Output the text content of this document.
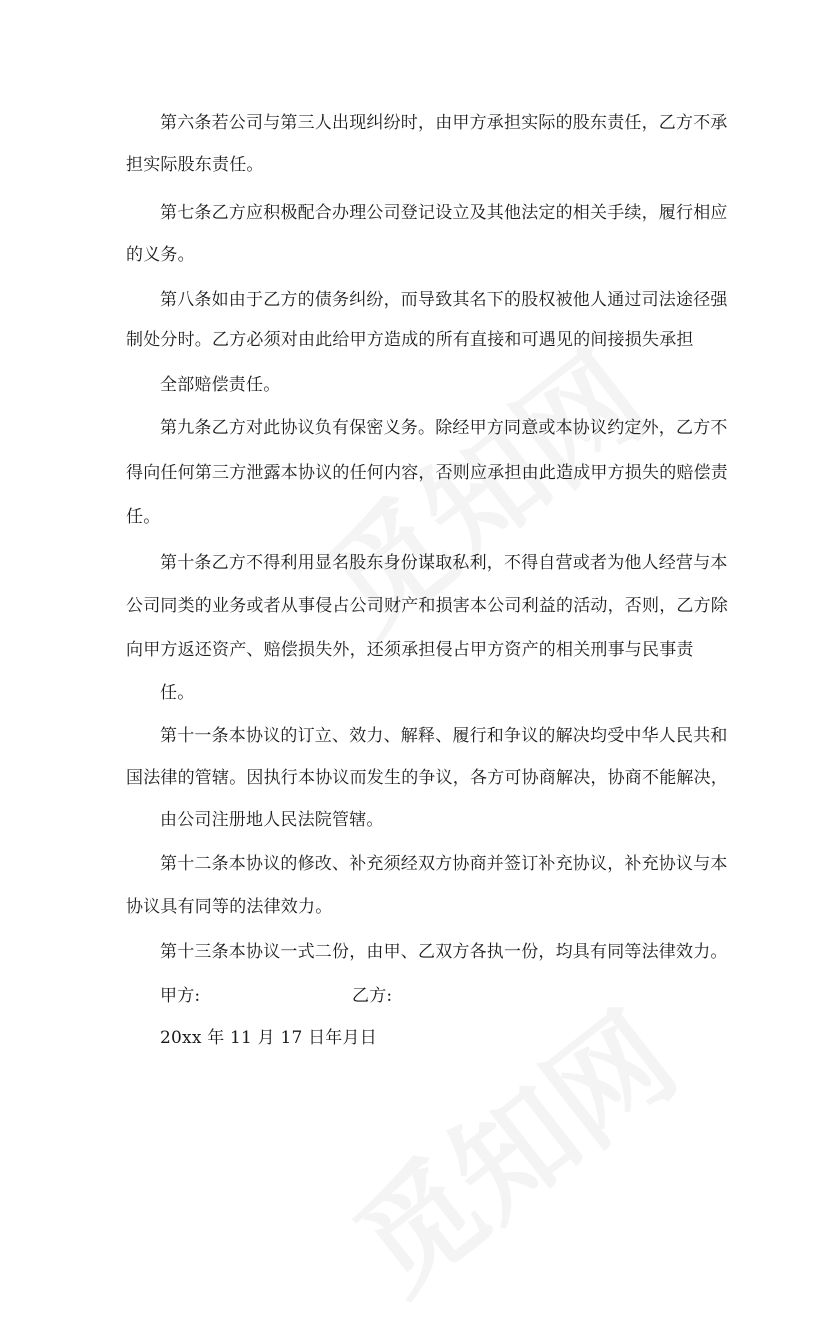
第六条若公司与第三人出现纠纷时，由甲方承担实际的股东责任，乙方不承
担实际股东责任。
第七条乙方应积极配合办理公司登记设立及其他法定的相关手续，履行相应
的义务。
第八条如由于乙方的债务纠纷，而导致其名下的股权被他人通过司法途径强
制处分时。乙方必须对由此给甲方造成的所有直接和可遇见的间接损失承担
全部赔偿责任。
第九条乙方对此协议负有保密义务。除经甲方同意或本协议约定外，乙方不
得向任何第三方泄露本协议的任何内容，否则应承担由此造成甲方损失的赔偿责
任。
第十条乙方不得利用显名股东身份谋取私利，不得自营或者为他人经营与本
公司同类的业务或者从事侵占公司财产和损害本公司利益的活动，否则，乙方除
向甲方返还资产、赔偿损失外，还须承担侵占甲方资产的相关刑事与民事责
任。
第十一条本协议的订立、效力、解释、履行和争议的解决均受中华人民共和
国法律的管辖。因执行本协议而发生的争议，各方可协商解决，协商不能解决，
由公司注册地人民法院管辖。
第十二条本协议的修改、补充须经双方协商并签订补充协议，补充协议与本
协议具有同等的法律效力。
第十三条本协议一式二份，由甲、乙双方各执一份，均具有同等法律效力。
甲方:	乙方:
20xx 年 11 月 17 日年月日
